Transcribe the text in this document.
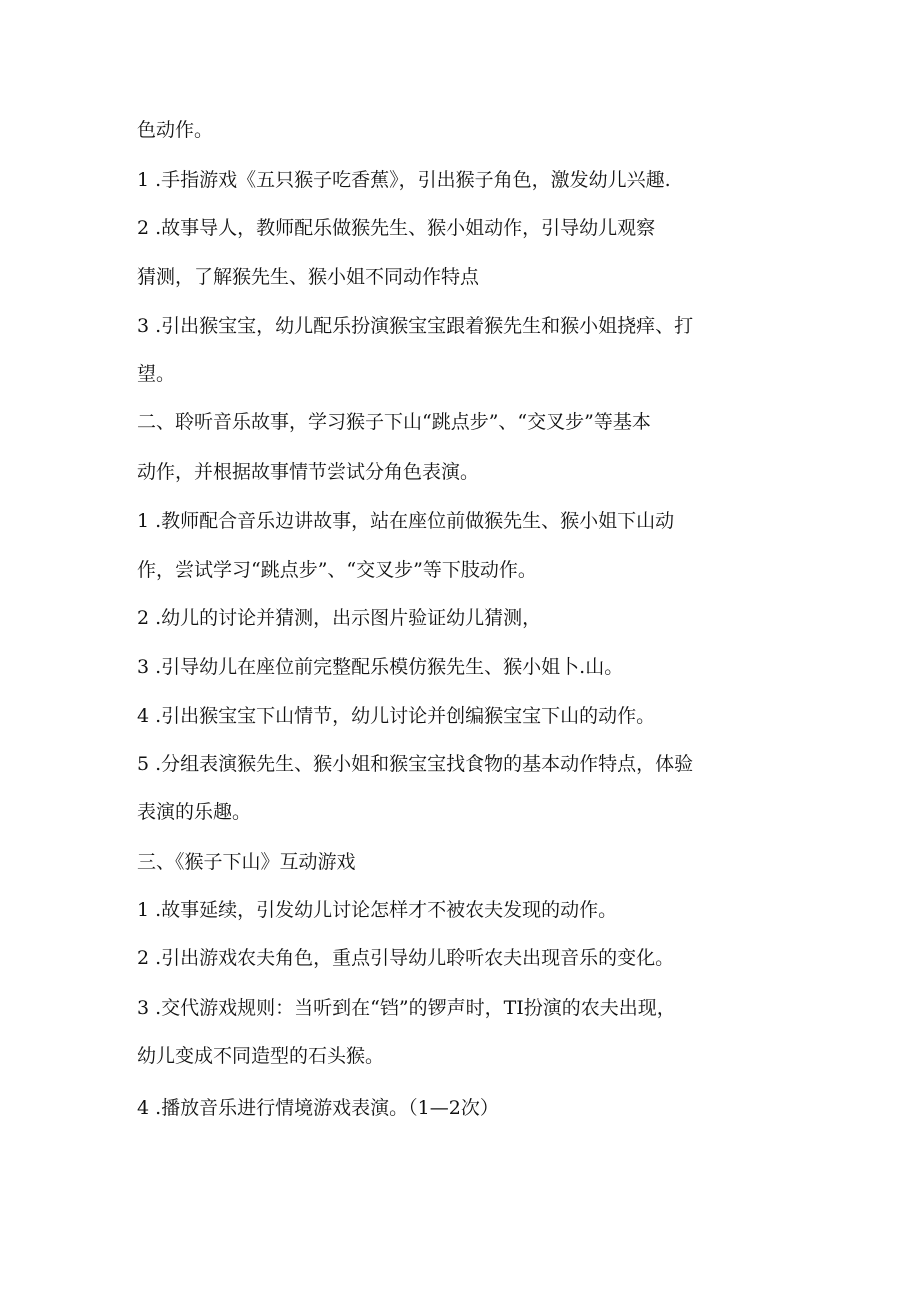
色动作。
1 .手指游戏《五只猴子吃香蕉》，引出猴子角色，激发幼儿兴趣.
2 .故事导人，教师配乐做猴先生、猴小姐动作，引导幼儿观察
猜测，了解猴先生、猴小姐不同动作特点
3 .引出猴宝宝，幼儿配乐扮演猴宝宝跟着猴先生和猴小姐挠痒、打
望。
二、聆听音乐故事，学习猴子下山“跳点步”、“交叉步”等基本
动作，并根据故事情节尝试分角色表演。
1 .教师配合音乐边讲故事，站在座位前做猴先生、猴小姐下山动
作，尝试学习“跳点步”、“交叉步”等下肢动作。
2 .幼儿的讨论并猜测，出示图片验证幼儿猜测，
3 .引导幼儿在座位前完整配乐模仿猴先生、猴小姐卜.山。
4 .引出猴宝宝下山情节，幼儿讨论并创编猴宝宝下山的动作。
5 .分组表演猴先生、猴小姐和猴宝宝找食物的基本动作特点，体验
表演的乐趣。
三、《猴子下山》互动游戏
1 .故事延续，引发幼儿讨论怎样才不被农夫发现的动作。
2 .引出游戏农夫角色，重点引导幼儿聆听农夫出现音乐的变化。
3 .交代游戏规则：当听到在“铛”的锣声时，TI扮演的农夫出现，
幼儿变成不同造型的石头猴。
4 .播放音乐进行情境游戏表演。（1—2次）
